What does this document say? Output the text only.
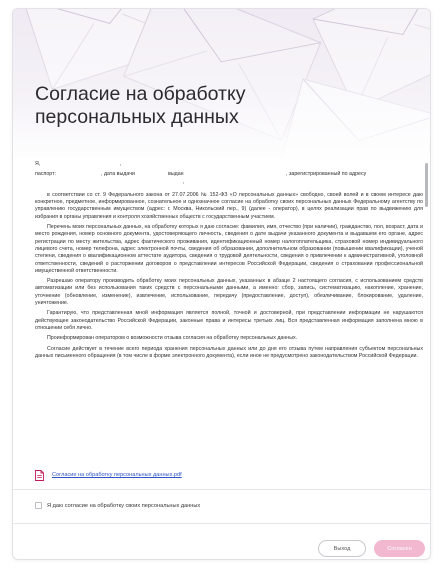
Согласие на обработку персональных данных
Я,	,
паспорт:	, дата выдачи	выдан	, зарегистрированный по адресу
,

в соответствии со ст. 9 Федерального закона от 27.07.2006 № 152-ФЗ «О персональных данных» свободно, своей волей и в своем интересе даю конкретное, предметное, информированное, сознательное и однозначное согласие на обработку своих персональных данных Федеральному агентству по управлению государственным имуществом (адрес: г. Москва, Никольский пер., 9) (далее - оператор), в целях реализации прав по выдвижению для избрания в органы управления и контроля хозяйственных обществ с государственным участием.

Перечень моих персональных данных, на обработку которых я даю согласие: фамилия, имя, отчество (при наличии), гражданство, пол, возраст, дата и место рождения, номер основного документа, удостоверяющего личность, сведения о дате выдачи указанного документа и выдавшем его органе, адрес регистрации по месту жительства, адрес фактического проживания, идентификационный номер налогоплательщика, страховой номер индивидуального лицевого счета, номер телефона, адрес электронной почты, сведения об образовании, дополнительном образовании (повышении квалификации), ученой степени, сведения о квалификационном аттестате аудитора, сведения о трудовой деятельности, сведения о привлечении к административной, уголовной ответственности, сведений о расторжении договоров о представлении интересов Российской Федерации, сведения о страховании профессиональной имущественной ответственности.

Разрешаю оператору производить обработку моих персональных данных, указанных в абзаце 2 настоящего согласия, с использованием средств автоматизации или без использования таких средств с персональными данными, а именно: сбор, запись, систематизацию, накопление, хранение, уточнение (обновление, изменение), извлечение, использование, передачу (предоставление, доступ), обезличивание, блокирование, удаление, уничтожение.

Гарантирую, что представленная мной информация является полной, точной и достоверной, при представлении информации не нарушаются действующее законодательство Российской Федерации, законные права и интересы третьих лиц. Вся представленная информация заполнена мною в отношении себя лично.

Проинформирован оператором о возможности отзыва согласия на обработку персональных данных.

Согласие действует в течение всего периода хранения персональных данных или до дня его отзыва путем направления субъектом персональных данных письменного обращения (в том числе в форме электронного документа), если иное не предусмотрено законодательством Российской Федерации.

Согласие на обработку персональных данных.pdf
Я даю согласие на обработку своих персональных данных
Выход	Согласен
